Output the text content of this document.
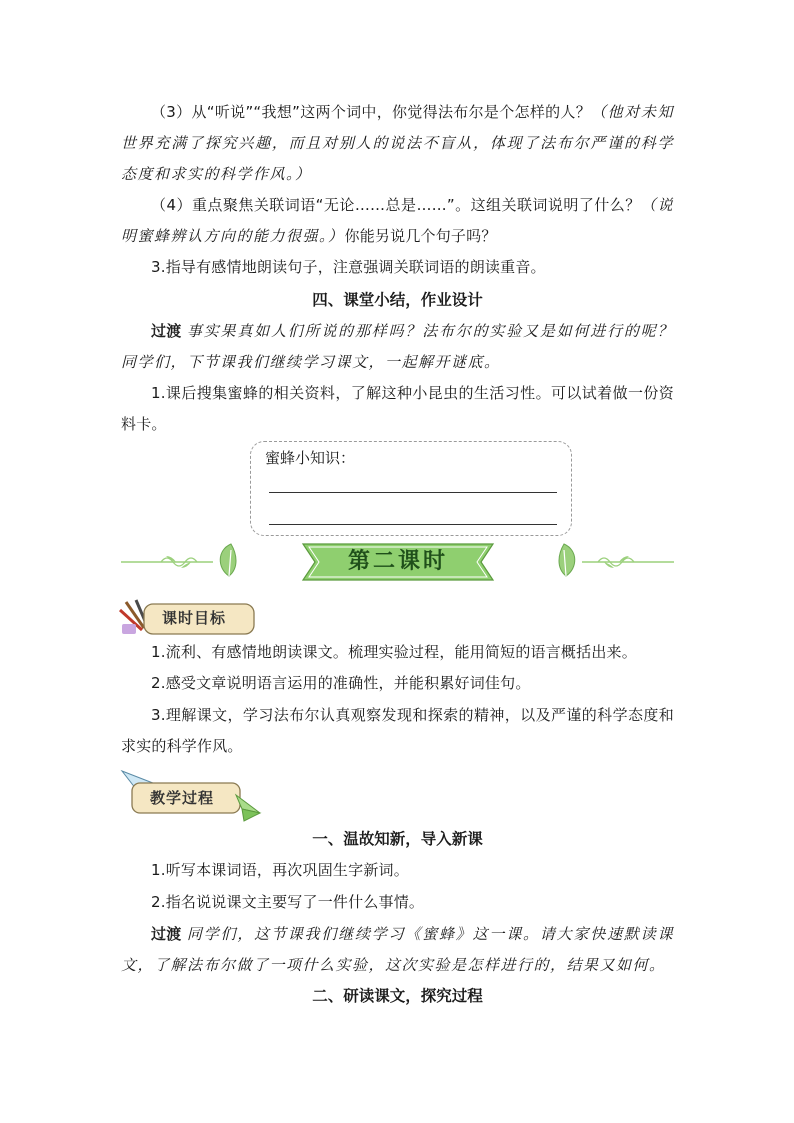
（3）从“听说”“我想”这两个词中，你觉得法布尔是个怎样的人？（他对未知世界充满了探究兴趣，而且对别人的说法不盲从，体现了法布尔严谨的科学态度和求实的科学作风。）

（4）重点聚焦关联词语“无论……总是……”。这组关联词说明了什么？（说明蜜蜂辨认方向的能力很强。）你能另说几个句子吗？

3.指导有感情地朗读句子，注意强调关联词语的朗读重音。

四、课堂小结，作业设计

过渡 事实果真如人们所说的那样吗？法布尔的实验又是如何进行的呢？同学们，下节课我们继续学习课文，一起解开谜底。

1.课后搜集蜜蜂的相关资料，了解这种小昆虫的生活习性。可以试着做一份资料卡。

蜜蜂小知识：

第二课时
课时目标

1.流利、有感情地朗读课文。梳理实验过程，能用简短的语言概括出来。

2.感受文章说明语言运用的准确性，并能积累好词佳句。

3.理解课文，学习法布尔认真观察发现和探索的精神，以及严谨的科学态度和求实的科学作风。

教学过程
一、温故知新，导入新课

1.听写本课词语，再次巩固生字新词。

2.指名说说课文主要写了一件什么事情。

过渡 同学们，这节课我们继续学习《蜜蜂》这一课。请大家快速默读课文，了解法布尔做了一项什么实验，这次实验是怎样进行的，结果又如何。

二、研读课文，探究过程
